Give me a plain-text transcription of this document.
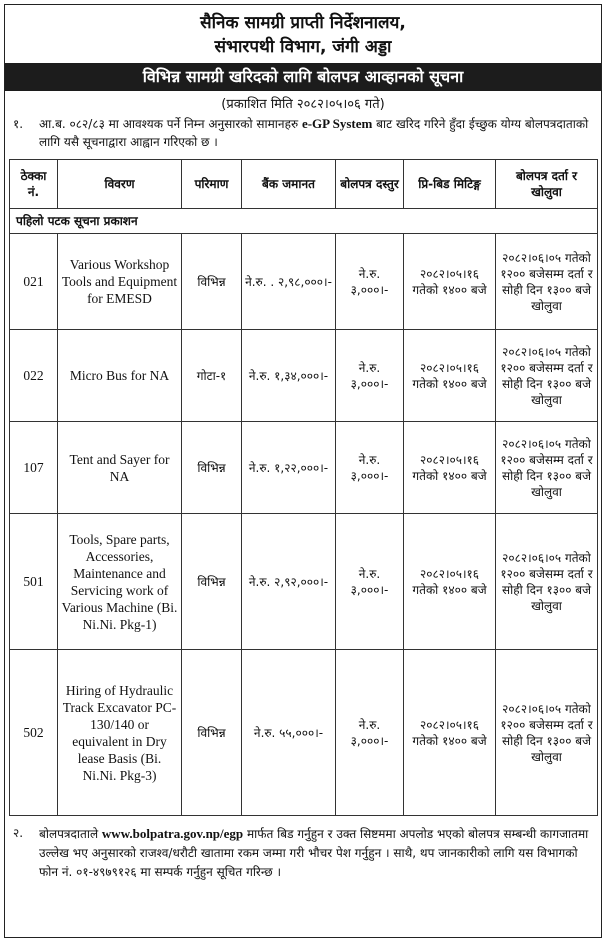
सैनिक सामग्री प्राप्ती निर्देशनालय,
संभारपथी विभाग, जंगी अड्डा
विभिन्न सामग्री खरिदको लागि बोलपत्र आव्हानको सूचना
(प्रकाशित मिति २०८२।०५।०६ गते)
१.	आ.ब. ०८२/८३ मा आवश्यक पर्ने निम्न अनुसारको सामानहरु e-GP System बाट खरिद गरिने हुँदा ईच्छुक योग्य बोलपत्रदाताको लागि यसै सूचनाद्वारा आह्वान गरिएको छ ।
ठेक्का नं.	विवरण	परिमाण	बैंक जमानत	बोलपत्र दस्तुर	प्रि-बिड मिटिङ्ग	बोलपत्र दर्ता र खोलुवा
पहिलो पटक सूचना प्रकाशन						
021	Various Workshop Tools and Equipment for EMESD	विभिन्न	ने.रु. . २,९८,०००।-	ने.रु. ३,०००।-	२०८२।०५।१६ गतेको १४०० बजे	२०८२।०६।०५ गतेको १२०० बजेसम्म दर्ता र सोही दिन १३०० बजे खोलुवा
022	Micro Bus for NA	गोटा-१	ने.रु. १,३४,०००।-	ने.रु. ३,०००।-	२०८२।०५।१६ गतेको १४०० बजे	२०८२।०६।०५ गतेको १२०० बजेसम्म दर्ता र सोही दिन १३०० बजे खोलुवा
107	Tent and Sayer for NA	विभिन्न	ने.रु. १,२२,०००।-	ने.रु. ३,०००।-	२०८२।०५।१६ गतेको १४०० बजे	२०८२।०६।०५ गतेको १२०० बजेसम्म दर्ता र सोही दिन १३०० बजे खोलुवा
501	Tools, Spare parts, Accessories, Maintenance and Servicing work of Various Machine (Bi. Ni.Ni. Pkg-1)	विभिन्न	ने.रु. २,९२,०००।-	ने.रु. ३,०००।-	२०८२।०५।१६ गतेको १४०० बजे	२०८२।०६।०५ गतेको १२०० बजेसम्म दर्ता र सोही दिन १३०० बजे खोलुवा
502	Hiring of Hydraulic Track Excavator PC-130/140 or equivalent in Dry lease Basis (Bi. Ni.Ni. Pkg-3)	विभिन्न	ने.रु. ५५,०००।-	ने.रु. ३,०००।-	२०८२।०५।१६ गतेको १४०० बजे	२०८२।०६।०५ गतेको १२०० बजेसम्म दर्ता र सोही दिन १३०० बजे खोलुवा
२.	बोलपत्रदाताले www.bolpatra.gov.np/egp मार्फत बिड गर्नुहुन र उक्त सिष्टममा अपलोड भएको बोलपत्र सम्बन्धी कागजातमा उल्लेख भए अनुसारको राजश्व/धरौटी खातामा रकम जम्मा गरी भौचर पेश गर्नुहुन । साथै, थप जानकारीको लागि यस विभागको फोन नं. ०१-४९७९१२६ मा सम्पर्क गर्नुहुन सूचित गरिन्छ ।
